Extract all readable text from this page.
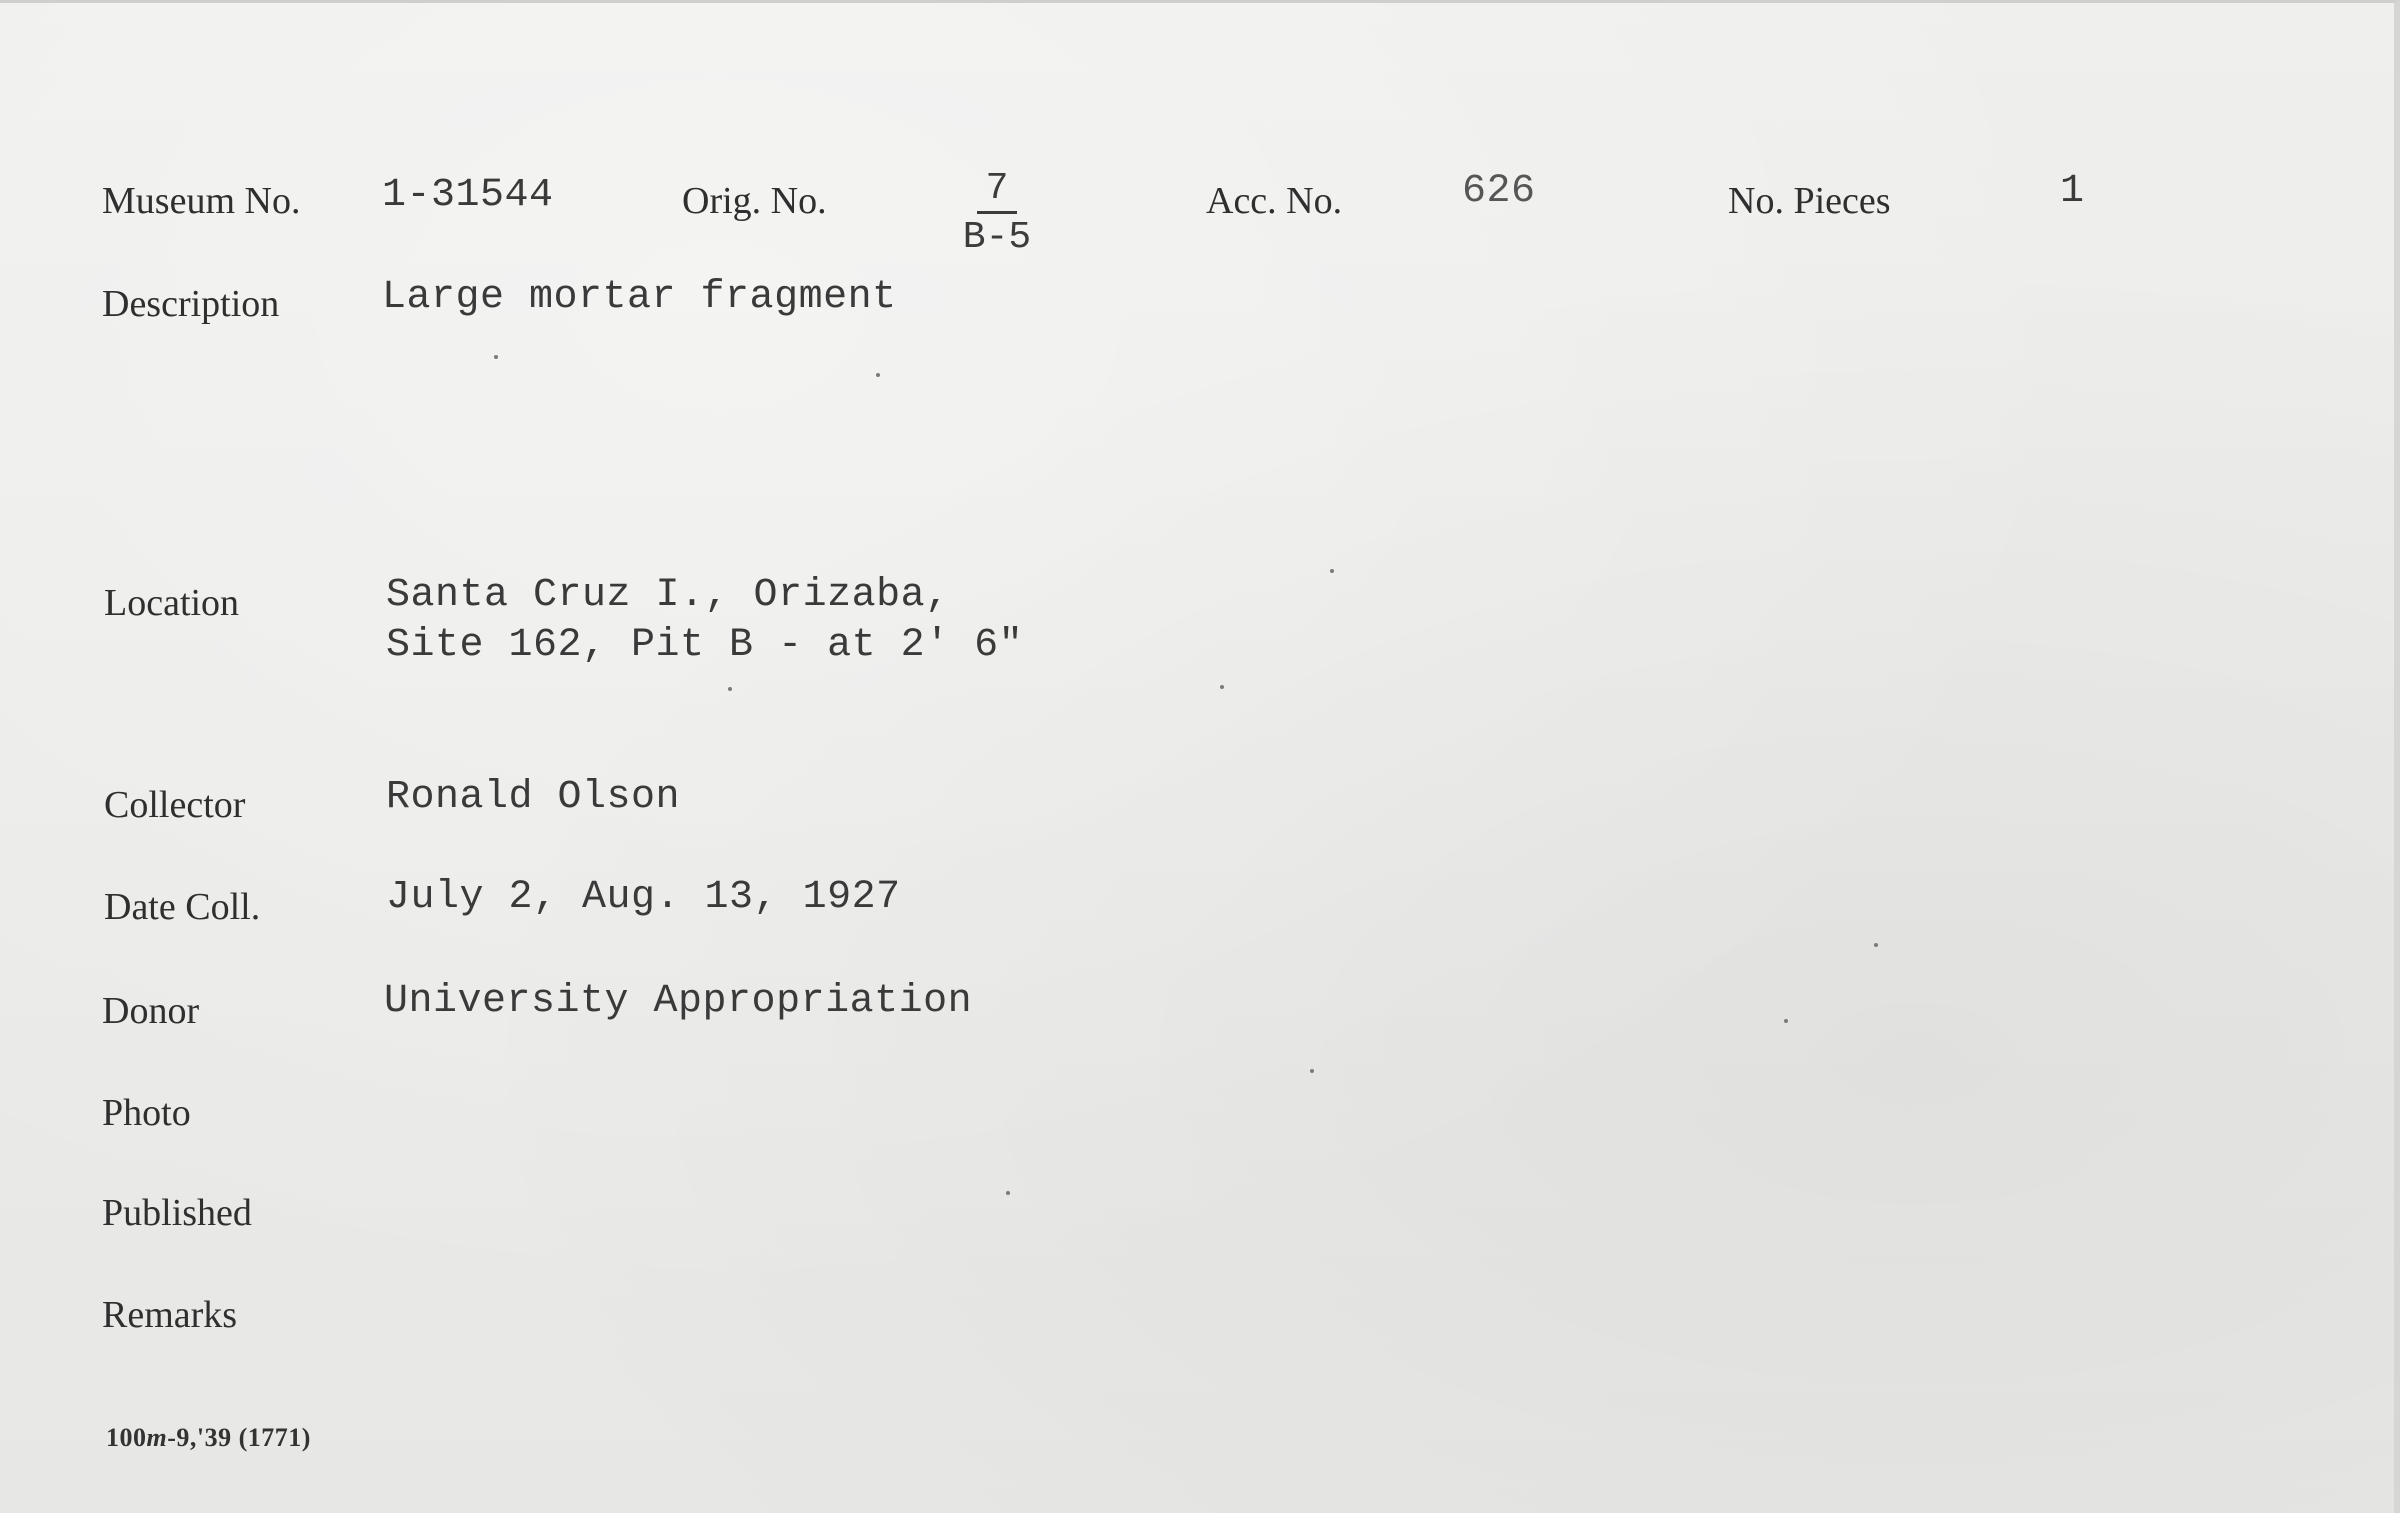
Museum No. 1-31544	Orig. No.	7
B-5
Acc. No.	626	No. Pieces	1
Description	Large mortar fragment
Location	Santa Cruz I., Orizaba,
Site 162, Pit B - at 2' 6"
Collector	Ronald Olson
Date Coll.	July 2, Aug. 13, 1927
Donor	University Appropriation
Photo
Published
Remarks
100m-9,'39 (1771)
